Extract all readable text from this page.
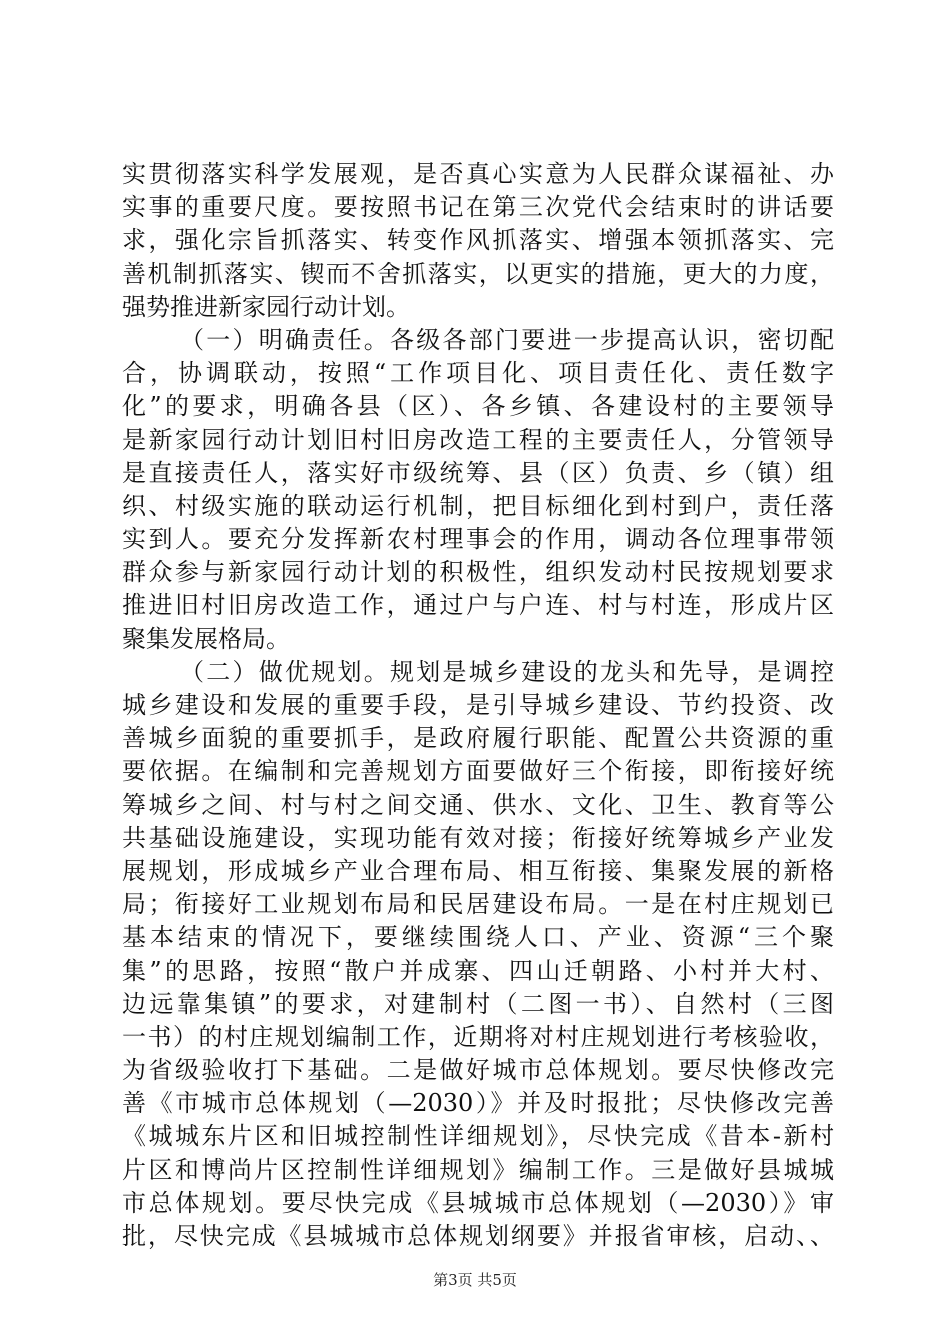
实贯彻落实科学发展观，是否真心实意为人民群众谋福祉、办
实事的重要尺度。要按照书记在第三次党代会结束时的讲话要
求，强化宗旨抓落实、转变作风抓落实、增强本领抓落实、完
善机制抓落实、锲而不舍抓落实，以更实的措施，更大的力度，
强势推进新家园行动计划。
（一）明确责任。各级各部门要进一步提高认识，密切配
合，协调联动，按照“工作项目化、项目责任化、责任数字
化”的要求，明确各县（区）、各乡镇、各建设村的主要领导
是新家园行动计划旧村旧房改造工程的主要责任人，分管领导
是直接责任人，落实好市级统筹、县（区）负责、乡（镇）组
织、村级实施的联动运行机制，把目标细化到村到户，责任落
实到人。要充分发挥新农村理事会的作用，调动各位理事带领
群众参与新家园行动计划的积极性，组织发动村民按规划要求
推进旧村旧房改造工作，通过户与户连、村与村连，形成片区
聚集发展格局。
（二）做优规划。规划是城乡建设的龙头和先导，是调控
城乡建设和发展的重要手段，是引导城乡建设、节约投资、改
善城乡面貌的重要抓手，是政府履行职能、配置公共资源的重
要依据。在编制和完善规划方面要做好三个衔接，即衔接好统
筹城乡之间、村与村之间交通、供水、文化、卫生、教育等公
共基础设施建设，实现功能有效对接；衔接好统筹城乡产业发
展规划，形成城乡产业合理布局、相互衔接、集聚发展的新格
局；衔接好工业规划布局和民居建设布局。一是在村庄规划已
基本结束的情况下，要继续围绕人口、产业、资源“三个聚
集”的思路，按照“散户并成寨、四山迁朝路、小村并大村、
边远靠集镇”的要求，对建制村（二图一书）、自然村（三图
一书）的村庄规划编制工作，近期将对村庄规划进行考核验收，
为省级验收打下基础。二是做好城市总体规划。要尽快修改完
善《市城市总体规划（—2030）》并及时报批；尽快修改完善
《城城东片区和旧城控制性详细规划》，尽快完成《昔本-新村
片区和博尚片区控制性详细规划》编制工作。三是做好县城城
市总体规划。要尽快完成《县城城市总体规划（—2030）》审
批，尽快完成《县城城市总体规划纲要》并报省审核，启动、、
第3页 共5页
